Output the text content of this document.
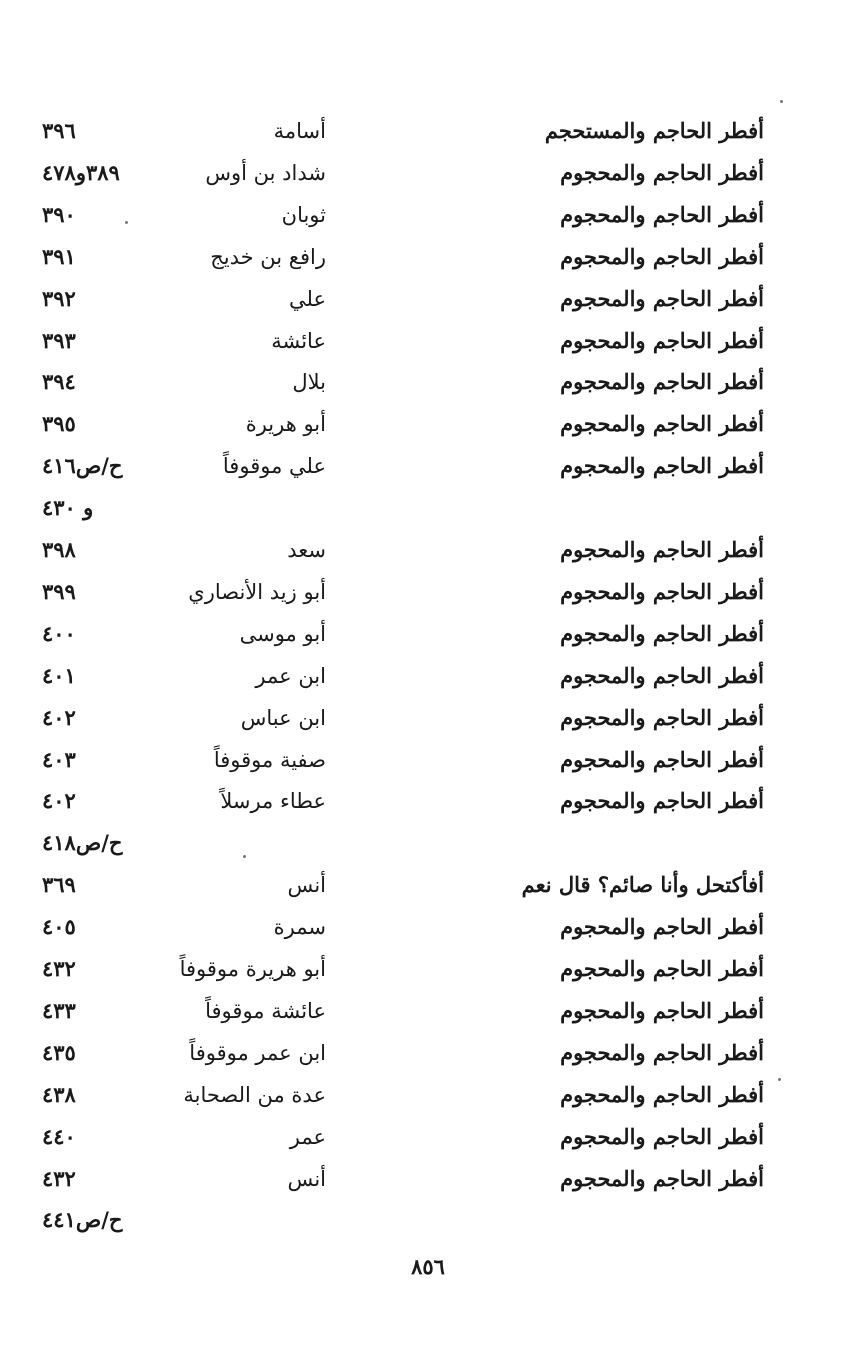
أفطر الحاجم والمستحجم
أسامة
٣٩٦
أفطر الحاجم والمحجوم
شداد بن أوس
٣٨٩و٤٧٨
أفطر الحاجم والمحجوم
ثوبان
٣٩٠
أفطر الحاجم والمحجوم
رافع بن خديج
٣٩١
أفطر الحاجم والمحجوم
علي
٣٩٢
أفطر الحاجم والمحجوم
عائشة
٣٩٣
أفطر الحاجم والمحجوم
بلال
٣٩٤
أفطر الحاجم والمحجوم
أبو هريرة
٣٩٥
أفطر الحاجم والمحجوم
علي موقوفاً
ح/ص٤١٦
و ٤٣٠
أفطر الحاجم والمحجوم
سعد
٣٩٨
أفطر الحاجم والمحجوم
أبو زيد الأنصاري
٣٩٩
أفطر الحاجم والمحجوم
أبو موسى
٤٠٠
أفطر الحاجم والمحجوم
ابن عمر
٤٠١
أفطر الحاجم والمحجوم
ابن عباس
٤٠٢
أفطر الحاجم والمحجوم
صفية موقوفاً
٤٠٣
أفطر الحاجم والمحجوم
عطاء مرسلاً
٤٠٢
ح/ص٤١٨
أفأكتحل وأنا صائم؟ قال نعم
أنس
٣٦٩
أفطر الحاجم والمحجوم
سمرة
٤٠٥
أفطر الحاجم والمحجوم
أبو هريرة موقوفاً
٤٣٢
أفطر الحاجم والمحجوم
عائشة موقوفاً
٤٣٣
أفطر الحاجم والمحجوم
ابن عمر موقوفاً
٤٣٥
أفطر الحاجم والمحجوم
عدة من الصحابة
٤٣٨
أفطر الحاجم والمحجوم
عمر
٤٤٠
أفطر الحاجم والمحجوم
أنس
٤٣٢
ح/ص٤٤١
٨٥٦
